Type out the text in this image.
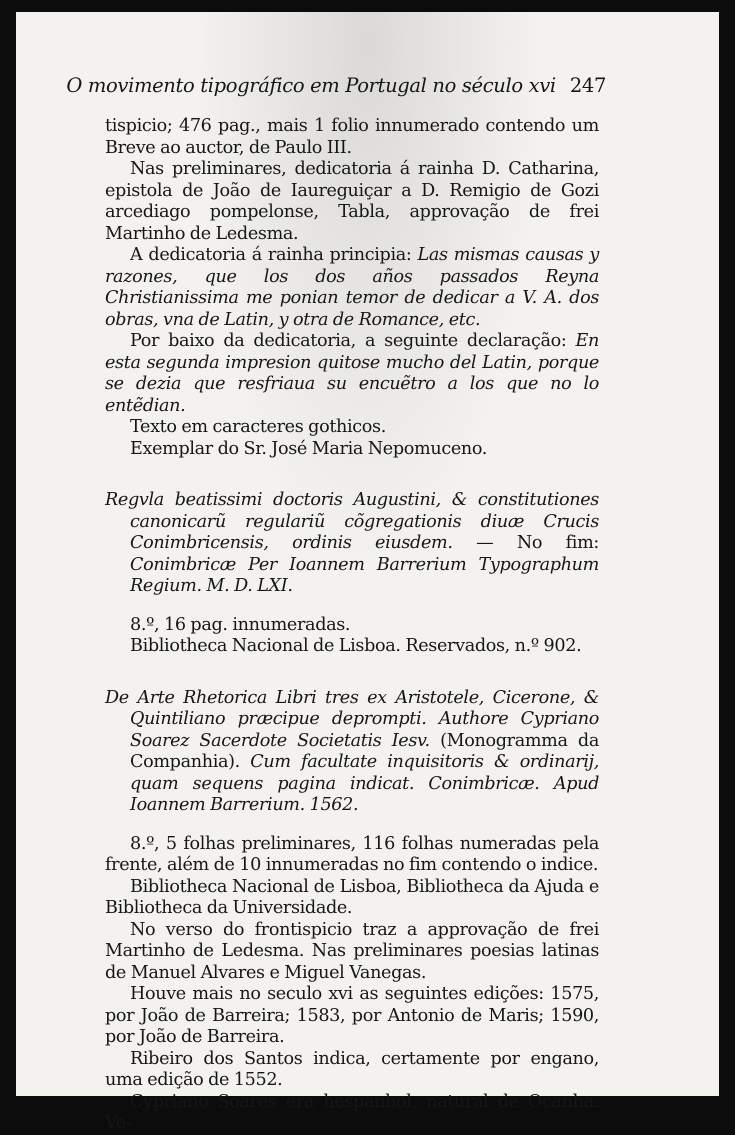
O movimento tipográfico em Portugal no século xvi 247

tispicio; 476 pag., mais 1 folio innumerado contendo um Breve ao auctor, de Paulo III.

Nas preliminares, dedicatoria á rainha D. Catharina, epistola de João de Iaureguiçar a D. Remigio de Gozi arcediago pompelonse, Tabla, approvação de frei Martinho de Ledesma.

A dedicatoria á rainha principia: Las mismas causas y razones, que los dos años passados Reyna Christianissima me ponian temor de dedicar a V. A. dos obras, vna de Latin, y otra de Romance, etc.

Por baixo da dedicatoria, a seguinte declaração: En esta segunda impresion quitose mucho del Latin, porque se dezia que resfriaua su encuẽtro a los que no lo entẽdian.

Texto em caracteres gothicos.

Exemplar do Sr. José Maria Nepomuceno.

Regvla beatissimi doctoris Augustini, & constitutiones canonicarũ regulariũ cõgregationis diuæ Crucis Conimbricensis, ordinis eiusdem. — No fim: Conimbricæ Per Ioannem Barrerium Typographum Regium. M. D. LXI.

8.º, 16 pag. innumeradas.

Bibliotheca Nacional de Lisboa. Reservados, n.º 902.

De Arte Rhetorica Libri tres ex Aristotele, Cicerone, & Quintiliano præcipue deprompti. Authore Cypriano Soarez Sacerdote Societatis Iesv. (Monogramma da Companhia). Cum facultate inquisitoris & ordinarij, quam sequens pagina indicat. Conimbricæ. Apud Ioannem Barrerium. 1562.

8.º, 5 folhas preliminares, 116 folhas numeradas pela frente, além de 10 innumeradas no fim contendo o indice.

Bibliotheca Nacional de Lisboa, Bibliotheca da Ajuda e Bibliotheca da Universidade.

No verso do frontispicio traz a approvação de frei Martinho de Ledesma. Nas preliminares poesias latinas de Manuel Alvares e Miguel Vanegas.

Houve mais no seculo xvi as seguintes edições: 1575, por João de Barreira; 1583, por Antonio de Maris; 1590, por João de Barreira.

Ribeiro dos Santos indica, certamente por engano, uma edição de 1552.

Cypriano Soares era hespanhol, natural de Ocanha. Ve-
